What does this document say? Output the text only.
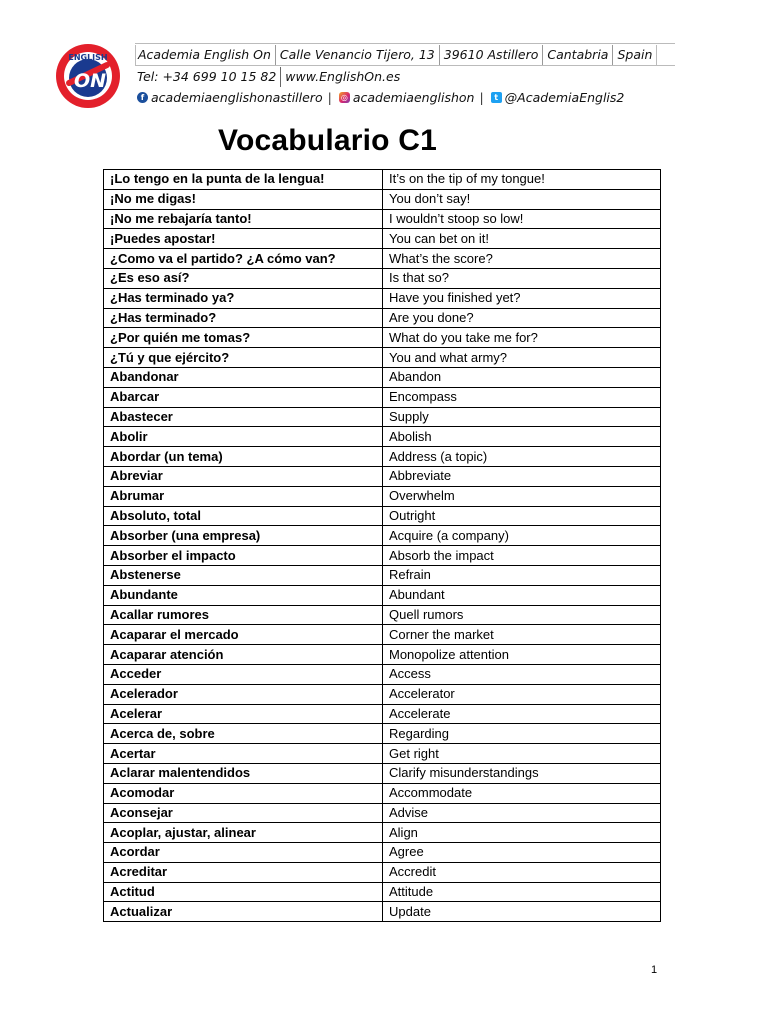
ENGLISH
ON
Academia English On Calle Venancio Tijero, 13 39610 Astillero Cantabria Spain
Tel: +34 699 10 15 82 www.EnglishOn.es
f academiaenglishonastillero | ◎ academiaenglishon |	t @AcademiaEnglis2
Vocabulario C1
¡Lo tengo en la punta de la lengua!	It’s on the tip of my tongue!
¡No me digas!	You don’t say!
¡No me rebajaría tanto!	I wouldn’t stoop so low!
¡Puedes apostar!	You can bet on it!
¿Como va el partido? ¿A cómo van?	What’s the score?
¿Es eso así?	Is that so?
¿Has terminado ya?	Have you finished yet?
¿Has terminado?	Are you done?
¿Por quién me tomas?	What do you take me for?
¿Tú y que ejército?	You and what army?
Abandonar	Abandon
Abarcar	Encompass
Abastecer	Supply
Abolir	Abolish
Abordar (un tema)	Address (a topic)
Abreviar	Abbreviate
Abrumar	Overwhelm
Absoluto, total	Outright
Absorber (una empresa)	Acquire (a company)
Absorber el impacto	Absorb the impact
Abstenerse	Refrain
Abundante	Abundant
Acallar rumores	Quell rumors
Acaparar el mercado	Corner the market
Acaparar atención	Monopolize attention
Acceder	Access
Acelerador	Accelerator
Acelerar	Accelerate
Acerca de, sobre	Regarding
Acertar	Get right
Aclarar malentendidos	Clarify misunderstandings
Acomodar	Accommodate
Aconsejar	Advise
Acoplar, ajustar, alinear	Align
Acordar	Agree
Acreditar	Accredit
Actitud	Attitude
Actualizar	Update
1
